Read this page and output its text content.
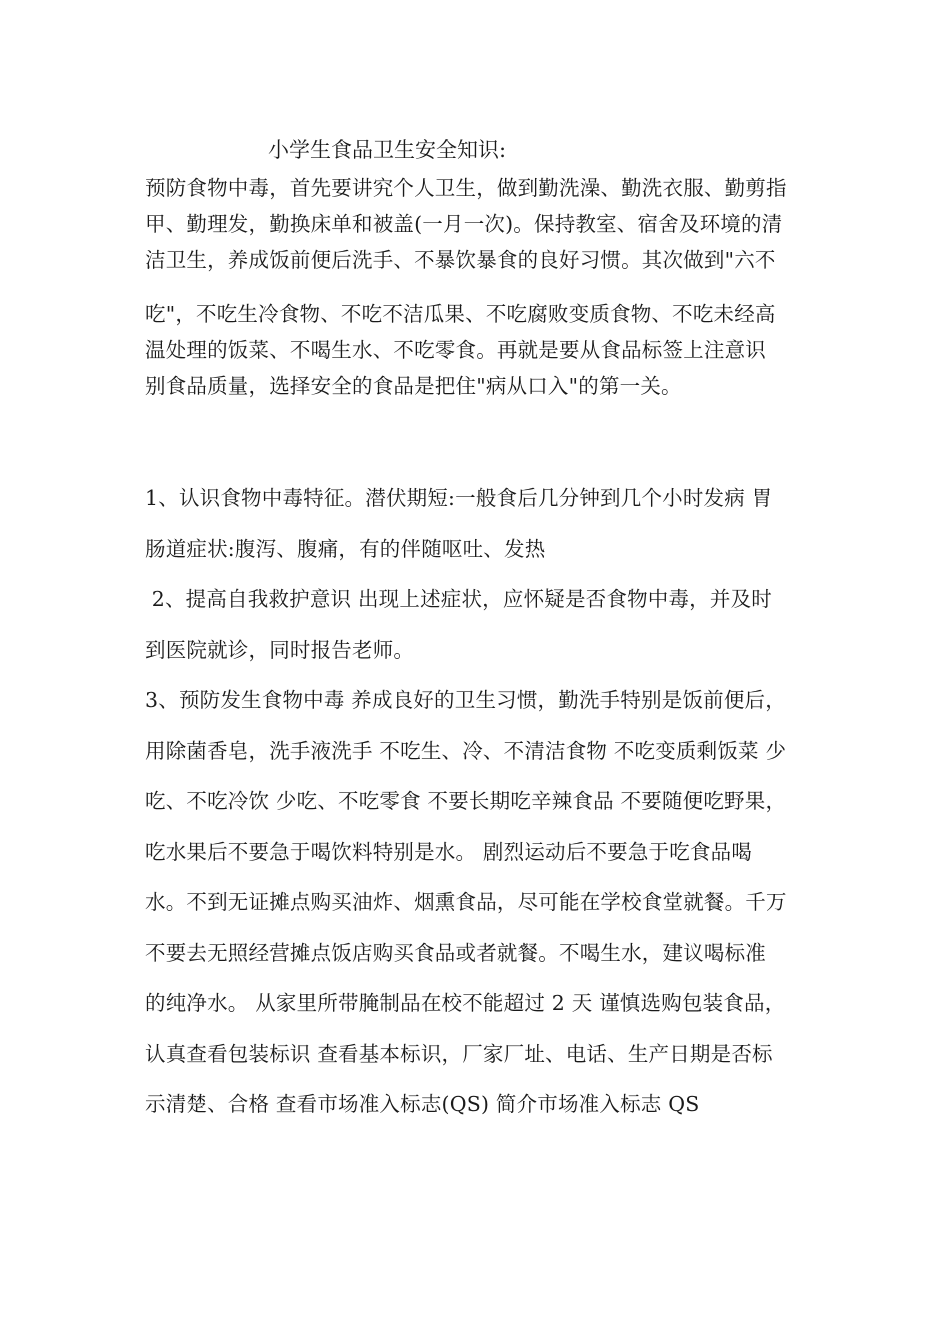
小学生食品卫生安全知识:
预防食物中毒，首先要讲究个人卫生，做到勤洗澡、勤洗衣服、勤剪指
甲、勤理发，勤换床单和被盖(一月一次)。保持教室、宿舍及环境的清
洁卫生，养成饭前便后洗手、不暴饮暴食的良好习惯。其次做到"六不
吃"，不吃生冷食物、不吃不洁瓜果、不吃腐败变质食物、不吃未经高
温处理的饭菜、不喝生水、不吃零食。再就是要从食品标签上注意识
别食品质量，选择安全的食品是把住"病从口入"的第一关。
1、认识食物中毒特征。潜伏期短:一般食后几分钟到几个小时发病 胃
肠道症状:腹泻、腹痛，有的伴随呕吐、发热
2、提高自我救护意识 出现上述症状，应怀疑是否食物中毒，并及时
到医院就诊，同时报告老师。
3、预防发生食物中毒 养成良好的卫生习惯，勤洗手特别是饭前便后，
用除菌香皂，洗手液洗手 不吃生、冷、不清洁食物 不吃变质剩饭菜 少
吃、不吃冷饮 少吃、不吃零食 不要长期吃辛辣食品 不要随便吃野果，
吃水果后不要急于喝饮料特别是水。 剧烈运动后不要急于吃食品喝
水。不到无证摊点购买油炸、烟熏食品，尽可能在学校食堂就餐。千万
不要去无照经营摊点饭店购买食品或者就餐。不喝生水，建议喝标准
的纯净水。 从家里所带腌制品在校不能超过 2 天 谨慎选购包装食品，
认真查看包装标识 查看基本标识，厂家厂址、电话、生产日期是否标
示清楚、合格 查看市场准入标志(QS) 简介市场准入标志 QS
